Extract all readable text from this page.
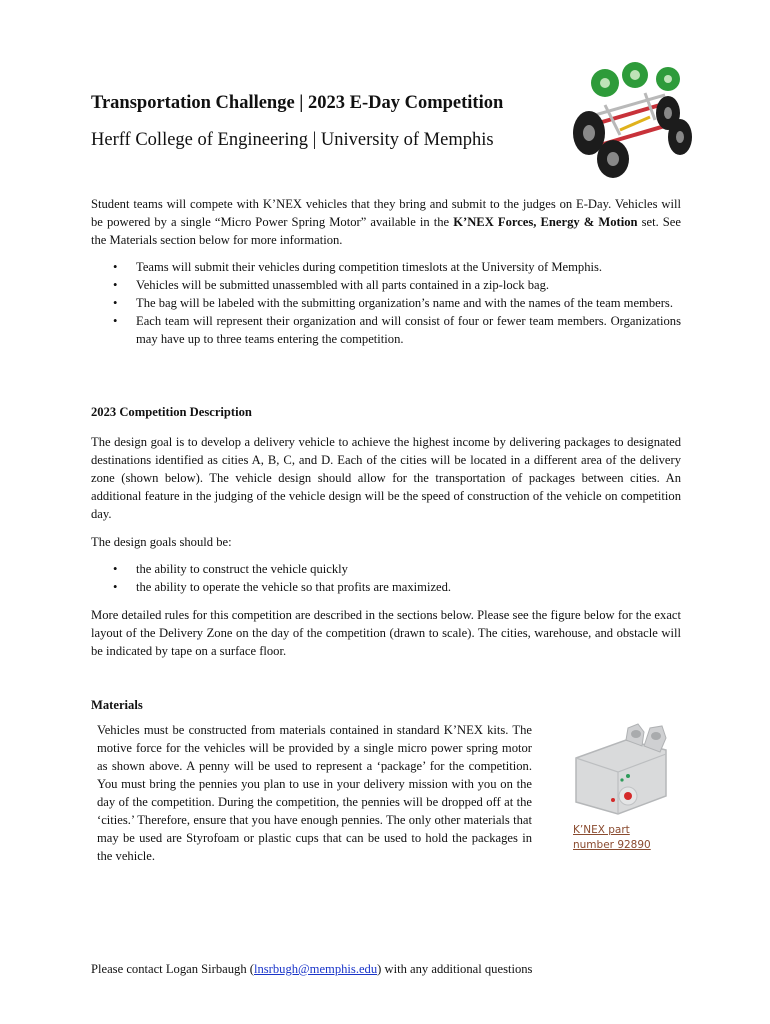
Transportation Challenge | 2023 E-Day Competition
Herff College of Engineering | University of Memphis
Student teams will compete with K’NEX vehicles that they bring and submit to the judges on E-Day. Vehicles will be powered by a single “Micro Power Spring Motor” available in the K’NEX Forces, Energy & Motion set. See the Materials section below for more information.
• Teams will submit their vehicles during competition timeslots at the University of Memphis.
• Vehicles will be submitted unassembled with all parts contained in a zip-lock bag.
• The bag will be labeled with the submitting organization’s name and with the names of the team members.
• Each team will represent their organization and will consist of four or fewer team members. Organizations may have up to three teams entering the competition.
2023 Competition Description
The design goal is to develop a delivery vehicle to achieve the highest income by delivering packages to designated destinations identified as cities A, B, C, and D. Each of the cities will be located in a different area of the delivery zone (shown below). The vehicle design should allow for the transportation of packages between cities. An additional feature in the judging of the vehicle design will be the speed of construction of the vehicle on competition day.
The design goals should be:
• the ability to construct the vehicle quickly
• the ability to operate the vehicle so that profits are maximized.
More detailed rules for this competition are described in the sections below. Please see the figure below for the exact layout of the Delivery Zone on the day of the competition (drawn to scale). The cities, warehouse, and obstacle will be indicated by tape on a surface floor.
Materials
Vehicles must be constructed from materials contained in standard K’NEX kits. The motive force for the vehicles will be provided by a single micro power spring motor as shown above. A penny will be used to represent a ‘package’ for the competition. You must bring the pennies you plan to use in your delivery mission with you on the day of the competition. During the competition, the pennies will be dropped off at the ‘cities.’ Therefore, ensure that you have enough pennies. The only other materials that may be used are Styrofoam or plastic cups that can be used to hold the packages in the vehicle.
K’NEX part
number 92890
Please contact Logan Sirbaugh (lnsrbugh@memphis.edu) with any additional questions
